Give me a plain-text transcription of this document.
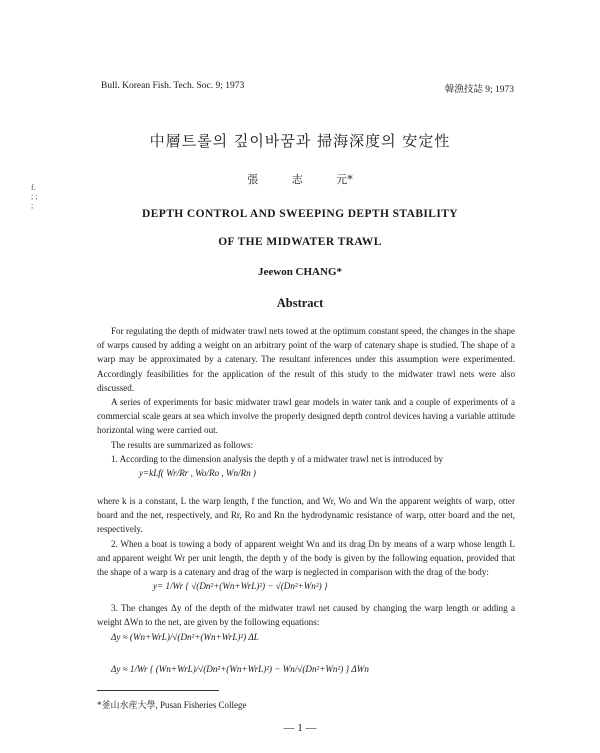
Bull. Korean Fish. Tech. Soc. 9; 1973	韓漁技誌 9; 1973
中層트롤의 깊이바꿈과 掃海深度의 安定性
張 志 元*
f. ; ; ;
DEPTH CONTROL AND SWEEPING DEPTH STABILITY
OF THE MIDWATER TRAWL
Jeewon CHANG*
Abstract

For regulating the depth of midwater trawl nets towed at the optimum constant speed, the changes in the shape of warps caused by adding a weight on an arbitrary point of the warp of catenary shape is studied. The shape of a warp may be approximated by a catenary. The resultant inferences under this assumption were experimented. Accordingly feasibilities for the application of the result of this study to the midwater trawl nets were also discussed.

A series of experiments for basic midwater trawl gear models in water tank and a couple of experiments of a commercial scale gears at sea which involve the properly designed depth control devices having a variable attitude horizontal wing were carried out.

The results are summarized as follows:

1. According to the dimension analysis the depth y of a midwater trawl net is introduced by

y=kLf( Wr/Rr , Wo/Ro , Wn/Rn )

where k is a constant, L the warp length, f the function, and Wr, Wo and Wn the apparent weights of warp, otter board and the net, respectively, and Rr, Ro and Rn the hydrodynamic resistance of warp, otter board and the net, respectively.

2. When a boat is towing a body of apparent weight Wn and its drag Dn by means of a warp whose length L and apparent weight Wr per unit length, the depth y of the body is given by the following equation, provided that the shape of a warp is a catenary and drag of the warp is neglected in comparison with the drag of the body:

y= 1/Wr { √(Dn²+(Wn+WrL)²) − √(Dn²+Wn²) }

3. The changes Δy of the depth of the midwater trawl net caused by changing the warp length or adding a weight ΔWn to the net, are given by the following equations:

Δy ≈ (Wn+WrL)/√(Dn²+(Wn+WrL)²) ΔL

Δy ≈ 1/Wr { (Wn+WrL)/√(Dn²+(Wn+WrL)²) − Wn/√(Dn²+Wn²) } ΔWn

*釜山水産大學, Pusan Fisheries College
— 1 —
